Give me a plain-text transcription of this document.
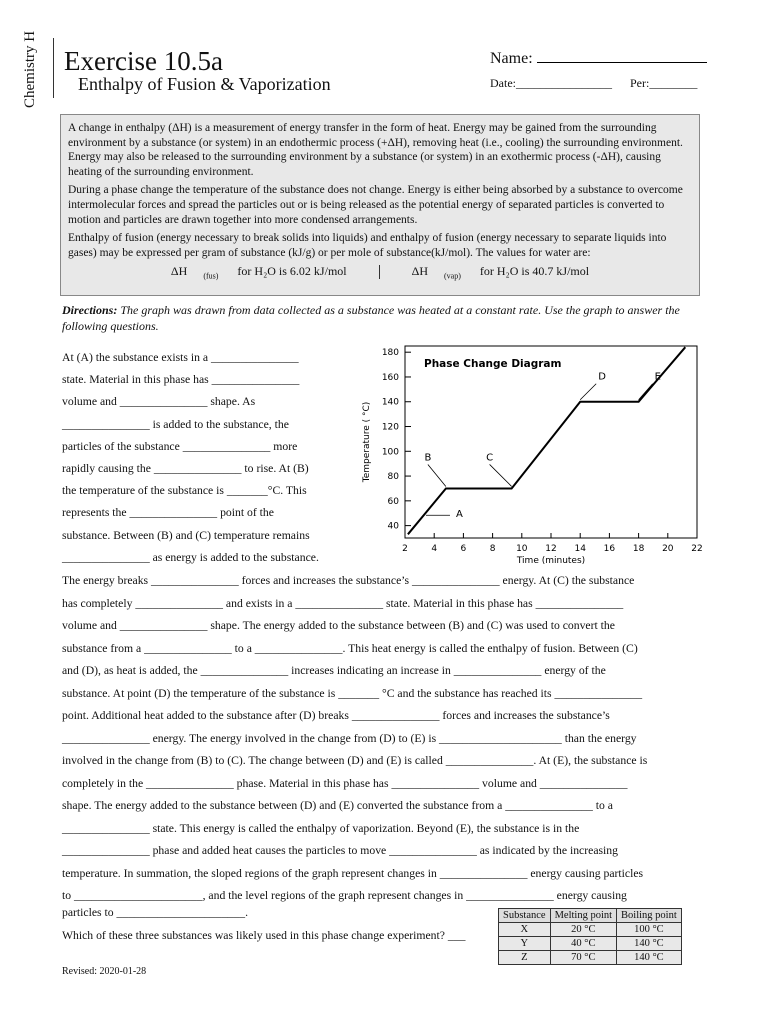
Chemistry H Exercise 10.5a
Enthalpy of Fusion & Vaporization
Name:
Date:________________ Per:________

A change in enthalpy (ΔH) is a measurement of energy transfer in the form of heat. Energy may be gained from the surrounding environment by a substance (or system) in an endothermic process (+ΔH), removing heat (i.e., cooling) the surrounding environment. Energy may also be released to the surrounding environment by a substance (or system) in an exothermic process (-ΔH), causing heating of the surrounding environment.

During a phase change the temperature of the substance does not change. Energy is either being absorbed by a substance to overcome intermolecular forces and spread the particles out or is being released as the potential energy of separated particles is converted to motion and particles are drawn together into more condensed arrangements.

Enthalpy of fusion (energy necessary to break solids into liquids) and enthalpy of fusion (energy necessary to separate liquids into gases) may be expressed per gram of substance (kJ/g) or per mole of substance(kJ/mol). The values for water are:

ΔH $_{(fus)}$ for H₂O is 6.02 kJ/mol	ΔH $_{(vap)}$ for H₂O is 40.7 kJ/mol
Directions: The graph was drawn from data collected as a substance was heated at a constant rate. Use the graph to answer the following questions.

At (A) the substance exists in a _______________

state. Material in this phase has _______________

volume and _______________ shape. As

_______________ is added to the substance, the

particles of the substance _______________ more

rapidly causing the _______________ to rise. At (B)

the temperature of the substance is _______°C. This

represents the _______________ point of the

substance. Between (B) and (C) temperature remains

_______________ as energy is added to the substance.

40
60
80
100
120
140
160
180
2	4	6	8 10 12 14 16 18 20 22
Time (minutes)
Temperature ( °C)
Phase Change Diagram
A
B	C
D	E

The energy breaks _______________ forces and increases the substance’s _______________ energy. At (C) the substance

has completely _______________ and exists in a _______________ state. Material in this phase has _______________

volume and _______________ shape. The energy added to the substance between (B) and (C) was used to convert the

substance from a _______________ to a _______________. This heat energy is called the enthalpy of fusion. Between (C)

and (D), as heat is added, the _______________ increases indicating an increase in _______________ energy of the

substance. At point (D) the temperature of the substance is _______ °C and the substance has reached its _______________

point. Additional heat added to the substance after (D) breaks _______________ forces and increases the substance’s

_______________ energy. The energy involved in the change from (D) to (E) is _____________________ than the energy

involved in the change from (B) to (C). The change between (D) and (E) is called _______________. At (E), the substance is

completely in the _______________ phase. Material in this phase has _______________ volume and _______________

shape. The energy added to the substance between (D) and (E) converted the substance from a _______________ to a

_______________ state. This energy is called the enthalpy of vaporization. Beyond (E), the substance is in the

_______________ phase and added heat causes the particles to move _______________ as indicated by the increasing

temperature. In summation, the sloped regions of the graph represent changes in _______________ energy causing particles

to ______________________, and the level regions of the graph represent changes in _______________ energy causing

particles to ______________________.

Which of these three substances was likely used in this phase change experiment? ___

Substance	Melting point	Boiling point
X	20 °C	100 °C
Y	40 °C	140 °C
Z	70 °C	140 °C
Revised: 2020-01-28
